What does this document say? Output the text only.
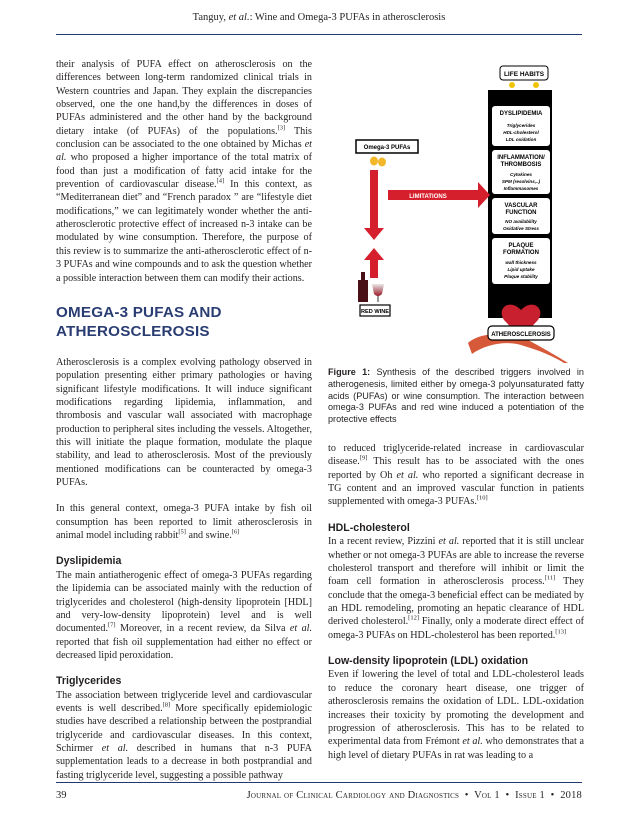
Tanguy, et al.: Wine and Omega-3 PUFAs in atherosclerosis

their analysis of PUFA effect on atherosclerosis on the differences between long-term randomized clinical trials in Western countries and Japan. They explain the discrepancies observed, one the one hand,by the differences in doses of PUFAs administered and the other hand by the background dietary intake (of PUFAs) of the populations.[3] This conclusion can be associated to the one obtained by Michas et al. who proposed a higher importance of the total matrix of food than just a modification of fatty acid intake for the prevention of cardiovascular disease.[4] In this context, as “Mediterranean diet” and “French paradox ” are “lifestyle diet modifications,” we can legitimately wonder whether the anti-atherosclerotic protective effect of increased n-3 intake can be modulated by wine consumption. Therefore, the purpose of this review is to summarize the anti-atherosclerotic effect of n-3 PUFAs and wine compounds and to ask the question whether a possible interaction between them can modify their actions.

OMEGA-3 PUFAS AND
ATHEROSCLEROSIS

Atherosclerosis is a complex evolving pathology observed in population presenting either primary pathologies or having significant lifestyle modifications. It will induce significant modifications regarding lipidemia, inflammation, and thrombosis and vascular wall associated with macrophage production to peripheral sites including the vessels. Altogether, this will initiate the plaque formation, modulate the plaque stability, and lead to atherosclerosis. Most of the previously mentioned modifications can be counteracted by omega-3 PUFAs.

In this general context, omega-3 PUFA intake by fish oil consumption has been reported to limit atherosclerosis in animal model including rabbit[5] and swine.[6]

Dyslipidemia

The main antiatherogenic effect of omega-3 PUFAs regarding the lipidemia can be associated mainly with the reduction of triglycerides and cholesterol (high-density lipoprotein [HDL] and very-low-density lipoprotein) level and is well documented.[7] Moreover, in a recent review, da Silva et al. reported that fish oil supplementation had either no effect or decreased lipid peroxidation.

Triglycerides

The association between triglyceride level and cardiovascular events is well described.[8] More specifically epidemiologic studies have described a relationship between the postprandial triglyceride and cardiovascular diseases. In this context, Schirmer et al. described in humans that n-3 PUFA supplementation leads to a decrease in both postprandial and fasting triglyceride level, suggesting a possible pathway

LIFE HABITS
DYSLIPIDEMIA
Triglycerides
HDL-cholesterol
LDL oxidation
INFLAMMATION/
THROMBOSIS
Cytokines
SPM (resolvins,..)
Inflammasomes
VASCULAR
FUNCTION
NO availability
Oxidative Stress
PLAQUE
FORMATION
wall thickness
Lipid uptake
Plaque stability
ATHEROSCLEROSIS
Omega-3 PUFAs
LIMITATIONS
RED WINE
Figure 1: Synthesis of the described triggers involved in atherogenesis, limited either by omega-3 polyunsaturated fatty acids (PUFAs) or wine consumption. The interaction between omega-3 PUFAs and red wine induced a potentiation of the protective effects

to reduced triglyceride-related increase in cardiovascular disease.[9] This result has to be associated with the ones reported by Oh et al. who reported a significant decrease in TG content and an improved vascular function in patients supplemented with omega-3 PUFAs.[10]

HDL-cholesterol

In a recent review, Pizzini et al. reported that it is still unclear whether or not omega-3 PUFAs are able to increase the reverse cholesterol transport and therefore will inhibit or limit the foam cell formation in atherosclerosis process.[11] They conclude that the omega-3 beneficial effect can be mediated by an HDL remodeling, promoting an hepatic clearance of HDL derived cholesterol.[12] Finally, only a moderate direct effect of omega-3 PUFAs on HDL-cholesterol has been reported.[13]

Low-density lipoprotein (LDL) oxidation

Even if lowering the level of total and LDL-cholesterol leads to reduce the coronary heart disease, one trigger of atherosclerosis remains the oxidation of LDL. LDL-oxidation increases their toxicity by promoting the development and progression of atherosclerosis. This has to be related to experimental data from Frémont et al. who demonstrates that a high level of dietary PUFAs in rat was leading to a

39	Journal of Clinical Cardiology and Diagnostics • Vol 1 • Issue 1 • 2018
